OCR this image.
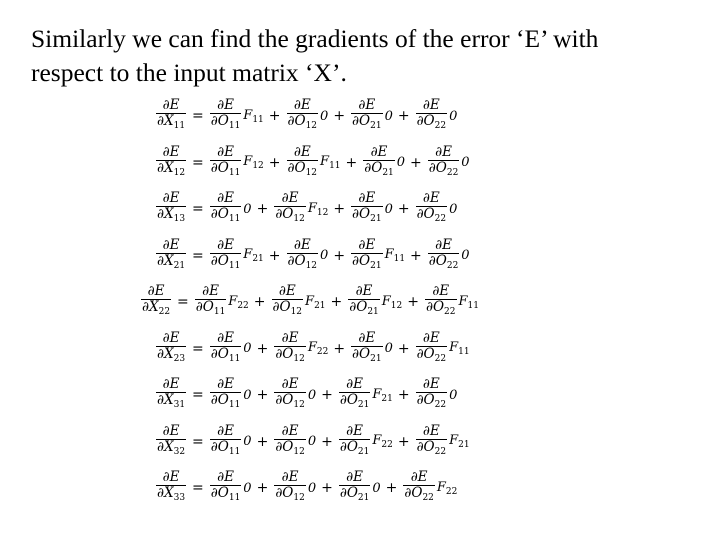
Similarly we can find the gradients of the error ‘E’ with
respect to the input matrix ‘X’.
$\frac{\partial E}{\partial X_{11}} = \frac{\partial E}{\partial O_{11}} F_{11} + \frac{\partial E}{\partial O_{12}} 0 + \frac{\partial E}{\partial O_{21}} 0 + \frac{\partial E}{\partial O_{22}} 0$
$\frac{\partial E}{\partial X_{12}} = \frac{\partial E}{\partial O_{11}} F_{12} + \frac{\partial E}{\partial O_{12}} F_{11} + \frac{\partial E}{\partial O_{21}} 0 + \frac{\partial E}{\partial O_{22}} 0$
$\frac{\partial E}{\partial X_{13}} = \frac{\partial E}{\partial O_{11}} 0 + \frac{\partial E}{\partial O_{12}} F_{12} + \frac{\partial E}{\partial O_{21}} 0 + \frac{\partial E}{\partial O_{22}} 0$
$\frac{\partial E}{\partial X_{21}} = \frac{\partial E}{\partial O_{11}} F_{21} + \frac{\partial E}{\partial O_{12}} 0 + \frac{\partial E}{\partial O_{21}} F_{11} + \frac{\partial E}{\partial O_{22}} 0$
$\frac{\partial E}{\partial X_{22}} = \frac{\partial E}{\partial O_{11}} F_{22} + \frac{\partial E}{\partial O_{12}} F_{21} + \frac{\partial E}{\partial O_{21}} F_{12} + \frac{\partial E}{\partial O_{22}} F_{11}$
$\frac{\partial E}{\partial X_{23}} = \frac{\partial E}{\partial O_{11}} 0 + \frac{\partial E}{\partial O_{12}} F_{22} + \frac{\partial E}{\partial O_{21}} 0 + \frac{\partial E}{\partial O_{22}} F_{11}$
$\frac{\partial E}{\partial X_{31}} = \frac{\partial E}{\partial O_{11}} 0 + \frac{\partial E}{\partial O_{12}} 0 + \frac{\partial E}{\partial O_{21}} F_{21} + \frac{\partial E}{\partial O_{22}} 0$
$\frac{\partial E}{\partial X_{32}} = \frac{\partial E}{\partial O_{11}} 0 + \frac{\partial E}{\partial O_{12}} 0 + \frac{\partial E}{\partial O_{21}} F_{22} + \frac{\partial E}{\partial O_{22}} F_{21}$
$\frac{\partial E}{\partial X_{33}} = \frac{\partial E}{\partial O_{11}} 0 + \frac{\partial E}{\partial O_{12}} 0 + \frac{\partial E}{\partial O_{21}} 0 + \frac{\partial E}{\partial O_{22}} F_{22}$
